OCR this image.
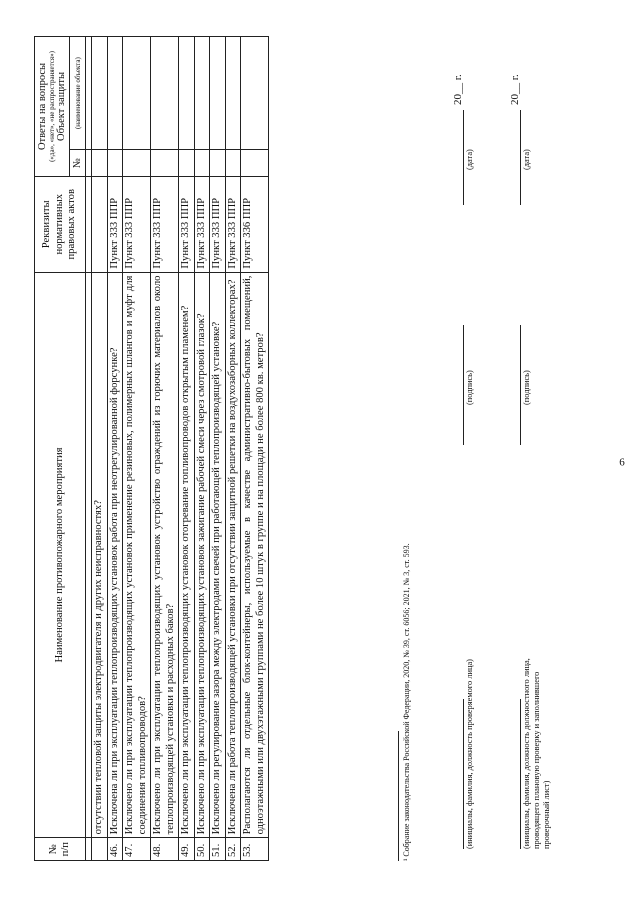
6
№ п/п	Наименование противопожарного мероприятия	Реквизиты нормативных правовых актов	Ответы на вопросы («да», «нет», «не распространяется») Объект защиты	
			№	(наименование объекта)

	отсутствии тепловой защиты электродвигателя и других неисправностях?			
46.	Исключена ли при эксплуатации теплопроизводящих установок работа при неотрегулированной форсунке?	Пункт 333 ППР		
47.	Исключено ли при эксплуатации теплопроизводящих установок применение резиновых, полимерных шлангов и муфт для соединения топливопроводов?	Пункт 333 ППР		
48.	Исключено ли при эксплуатации теплопроизводящих установок устройство ограждений из горючих материалов около теплопроизводящей установки и расходных баков?	Пункт 333 ППР		
49.	Исключено ли при эксплуатации теплопроизводящих установок отогревание топливопроводов открытым пламенем?	Пункт 333 ППР		
50.	Исключено ли при эксплуатации теплопроизводящих установок зажигание рабочей смеси через смотровой глазок?	Пункт 333 ППР		
51.	Исключено ли регулирование зазора между электродами свечей при работающей теплопроизводящей установке?	Пункт 333 ППР		
52.	Исключена ли работа теплопроизводящей установки при отсутствии защитной решетки на воздухозаборных коллекторах?	Пункт 333 ППР		
53.	Располагаются ли отдельные блок-контейнеры, используемые в качестве административно-бытовых помещений, одноэтажными или двухэтажными группами не более 10 штук в группе и на площади не более 800 кв. метров?	Пункт 336 ППР		
¹ Собрание законодательства Российской Федерации, 2020, № 39, ст. 6056; 2021, № 3, ст. 593.	(инициалы, фамилия, должность проверяемого лица)
(подпись)
(дата)
20__ г.
(инициалы, фамилия, должность должностного лица, проводящего плановую проверку и заполнившего проверочный лист)
(подпись)
(дата)
20__ г.
